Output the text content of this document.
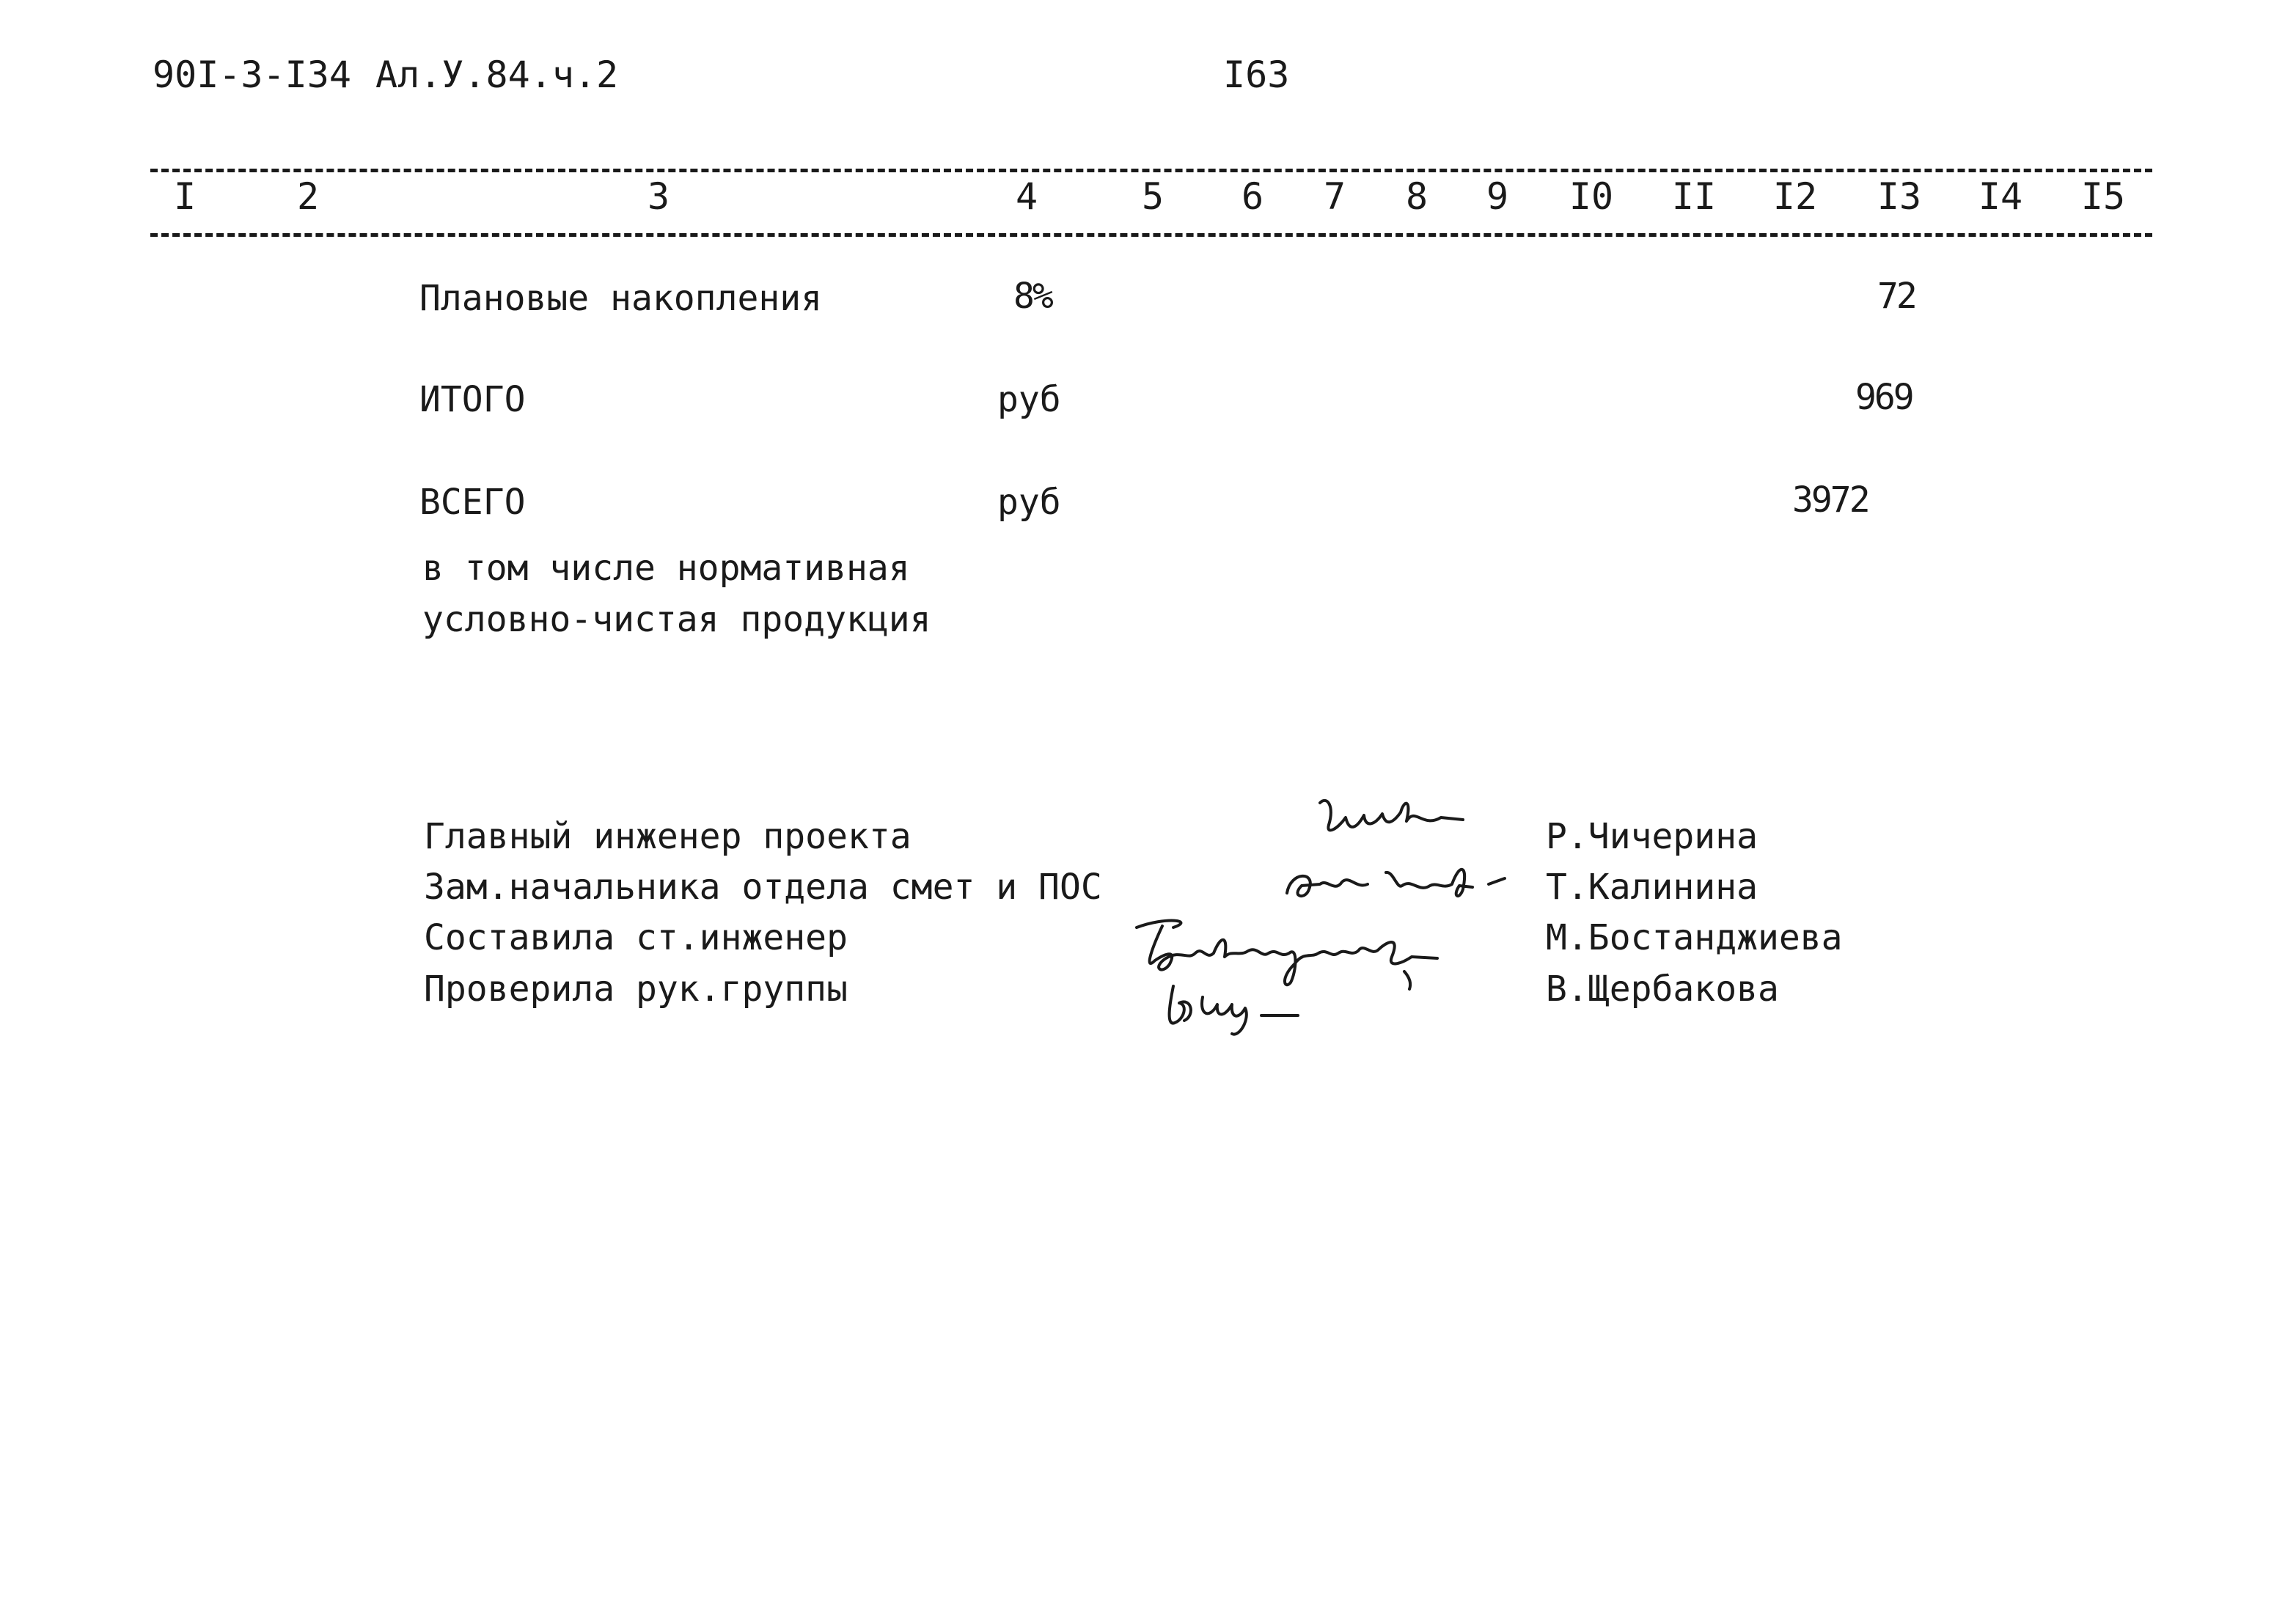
90I-3-I34 Ал.У.84.ч.2	I63
I	2	3	4	5 6 7 8 9 I0 II I2 I3 I4 I5
Плановые накопления	8%	72
ИТОГО	руб	969
ВСЕГО	руб	3972
в том числе нормативная
условно-чистая продукция
Главный инженер проекта
Зам.начальника отдела смет и ПОС
Составила ст.инженер
Проверила рук.группы
Р.Чичерина
Т.Калинина
М.Бостанджиева
В.Щербакова
